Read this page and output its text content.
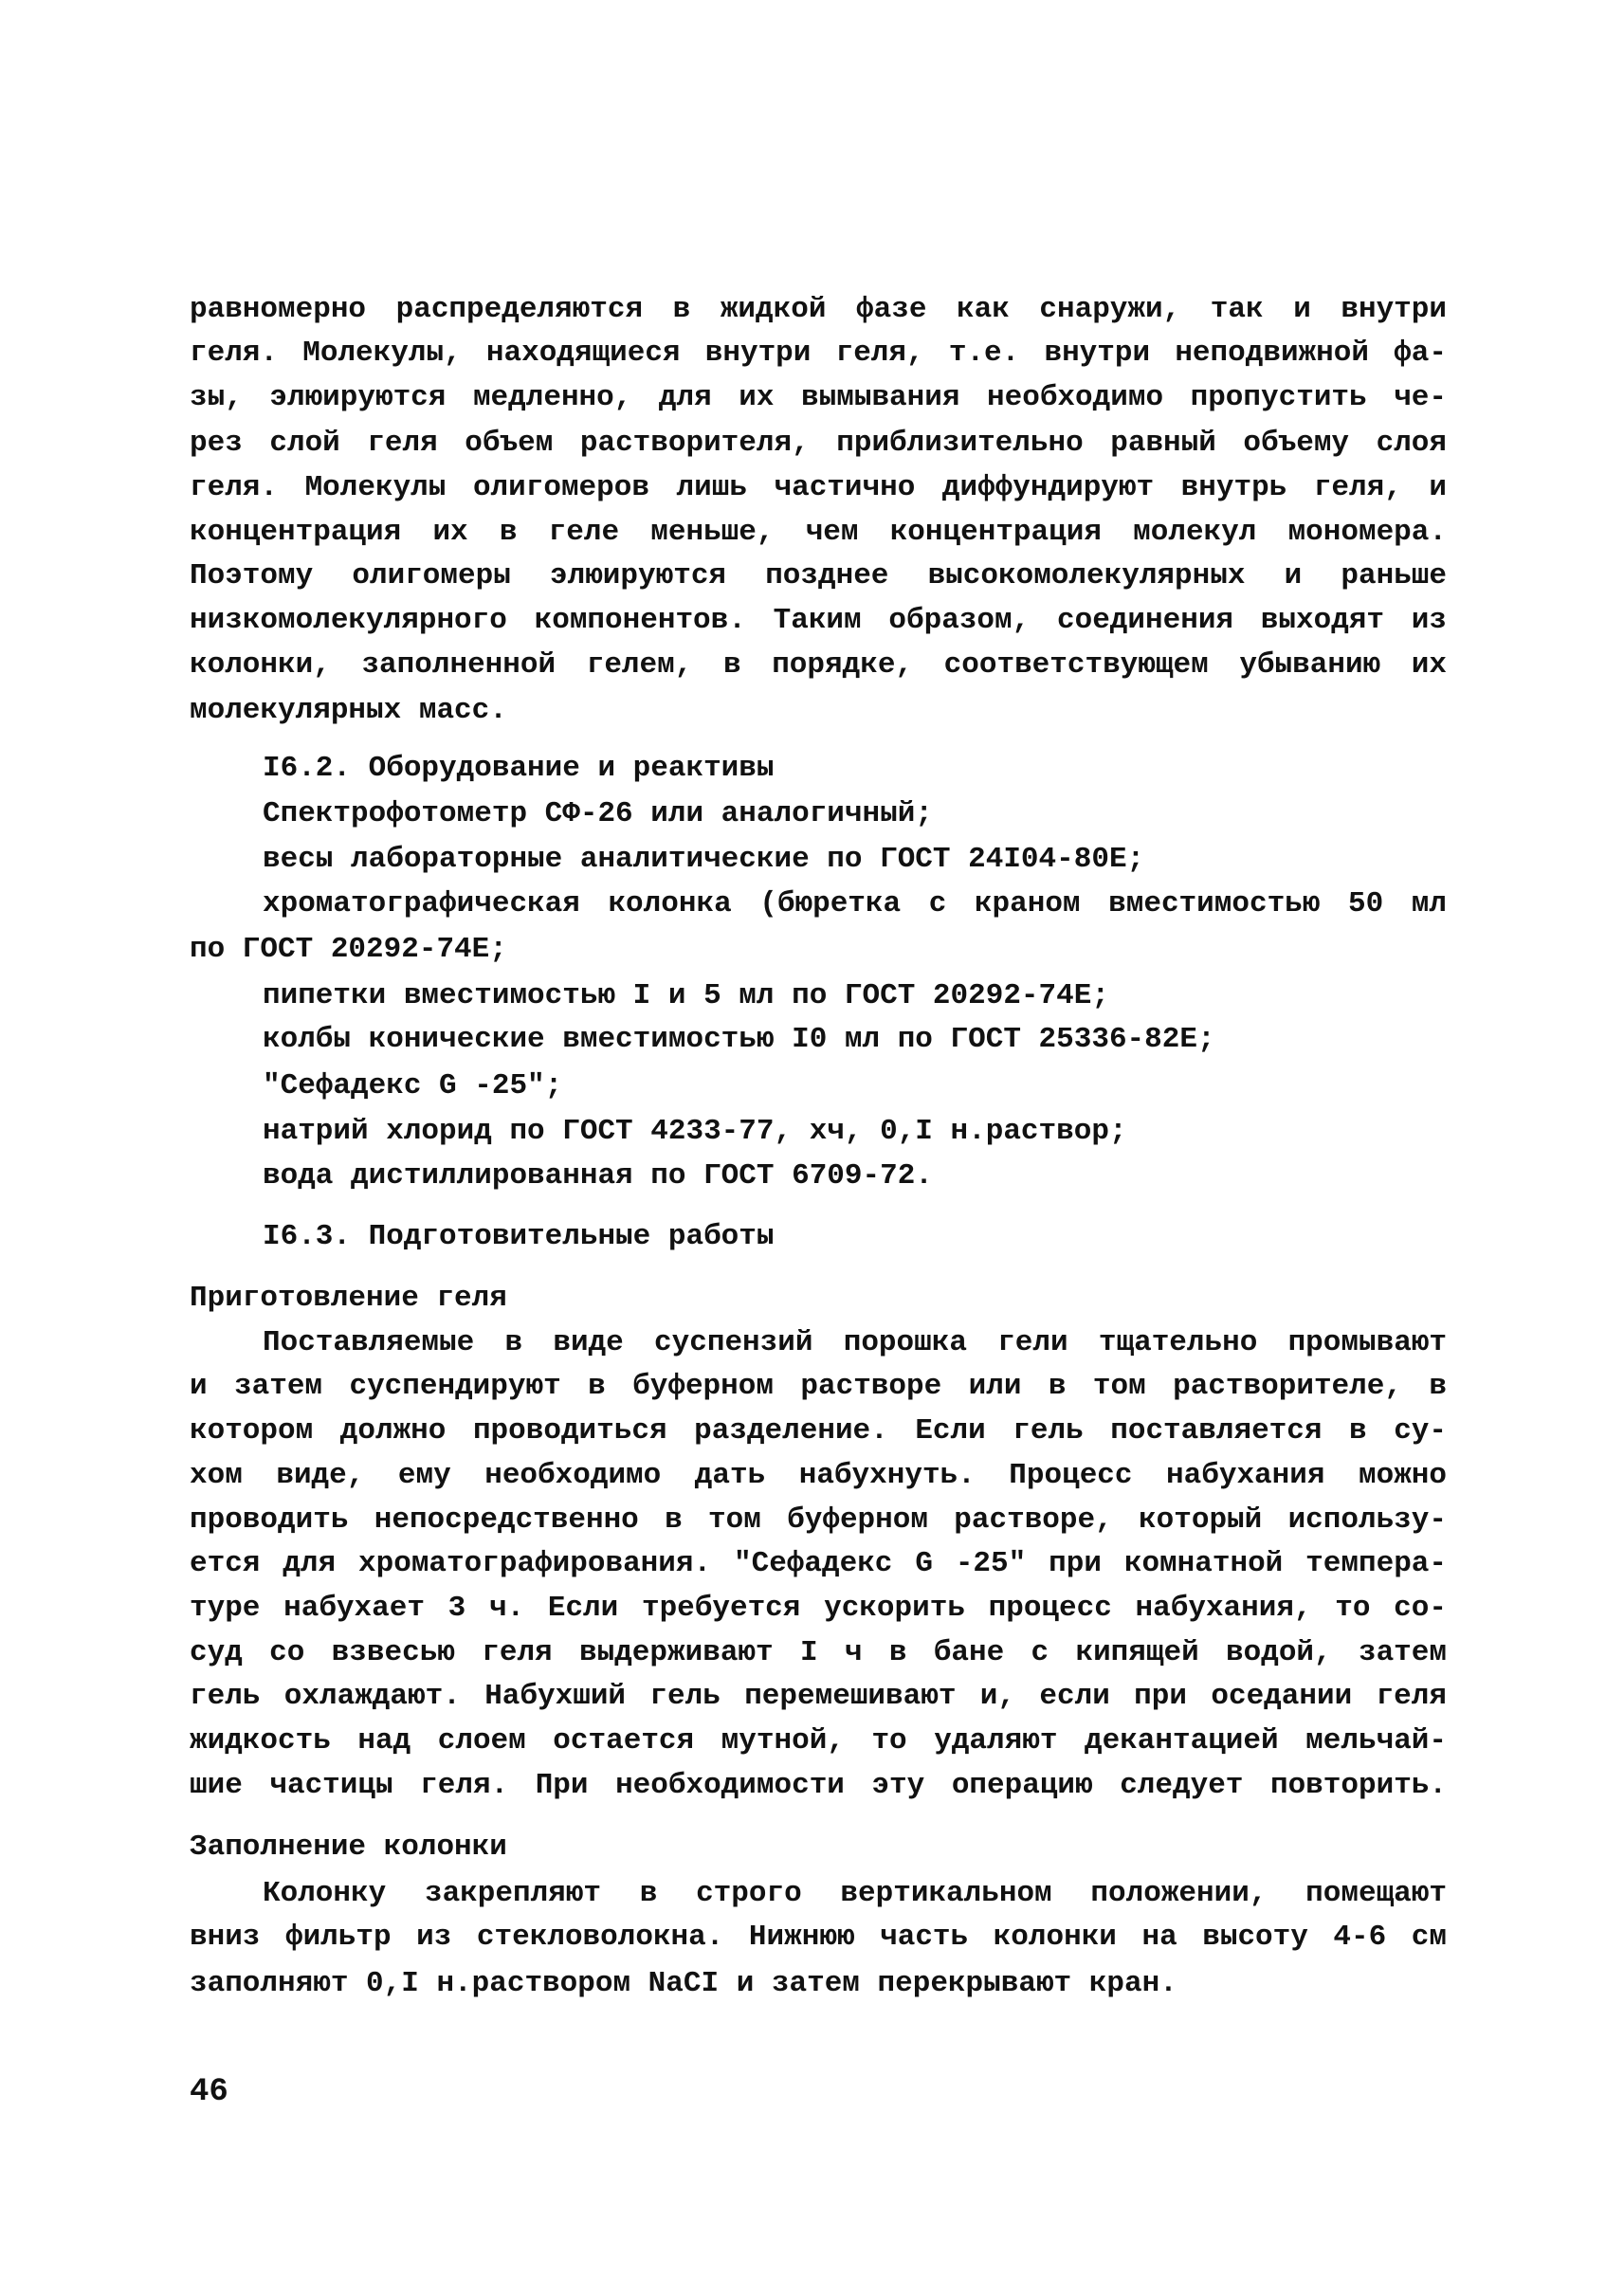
равномерно распределяются в жидкой фазе как снаружи, так и внутри
геля. Молекулы, находящиеся внутри геля, т.е. внутри неподвижной фа-
зы, элюируются медленно, для их вымывания необходимо пропустить че-
рез слой геля объем растворителя, приблизительно равный объему слоя
геля. Молекулы олигомеров лишь частично диффундируют внутрь геля, и
концентрация их в геле меньше, чем концентрация молекул мономера.
Поэтому олигомеры элюируются позднее высокомолекулярных и раньше
низкомолекулярного компонентов. Таким образом, соединения выходят из
колонки, заполненной гелем, в порядке, соответствующем убыванию их
молекулярных масс.
I6.2. Оборудование и реактивы
Спектрофотометр СФ-26 или аналогичный;
весы лабораторные аналитические по ГОСТ 24I04-80Е;
хроматографическая колонка (бюретка с краном вместимостью 50 мл
по ГОСТ 20292-74Е;
пипетки вместимостью I и 5 мл по ГОСТ 20292-74Е;
колбы конические вместимостью I0 мл по ГОСТ 25336-82Е;
"Сефадекс G -25";
натрий хлорид по ГОСТ 4233-77, хч, 0,I н.раствор;
вода дистиллированная по ГОСТ 6709-72.
I6.3. Подготовительные работы
Приготовление геля
Поставляемые в виде суспензий порошка гели тщательно промывают
и затем суспендируют в буферном растворе или в том растворителе, в
котором должно проводиться разделение. Если гель поставляется в су-
хом виде, ему необходимо дать набухнуть. Процесс набухания можно
проводить непосредственно в том буферном растворе, который использу-
ется для хроматографирования. "Сефадекс G -25" при комнатной темпера-
туре набухает 3 ч. Если требуется ускорить процесс набухания, то со-
суд со взвесью геля выдерживают I ч в бане с кипящей водой, затем
гель охлаждают. Набухший гель перемешивают и, если при оседании геля
жидкость над слоем остается мутной, то удаляют декантацией мельчай-
шие частицы геля. При необходимости эту операцию следует повторить.
Заполнение колонки
Колонку закрепляют в строго вертикальном положении, помещают
вниз фильтр из стекловолокна. Нижнюю часть колонки на высоту 4-6 см
заполняют 0,I н.раствором NaCI и затем перекрывают кран.
46
